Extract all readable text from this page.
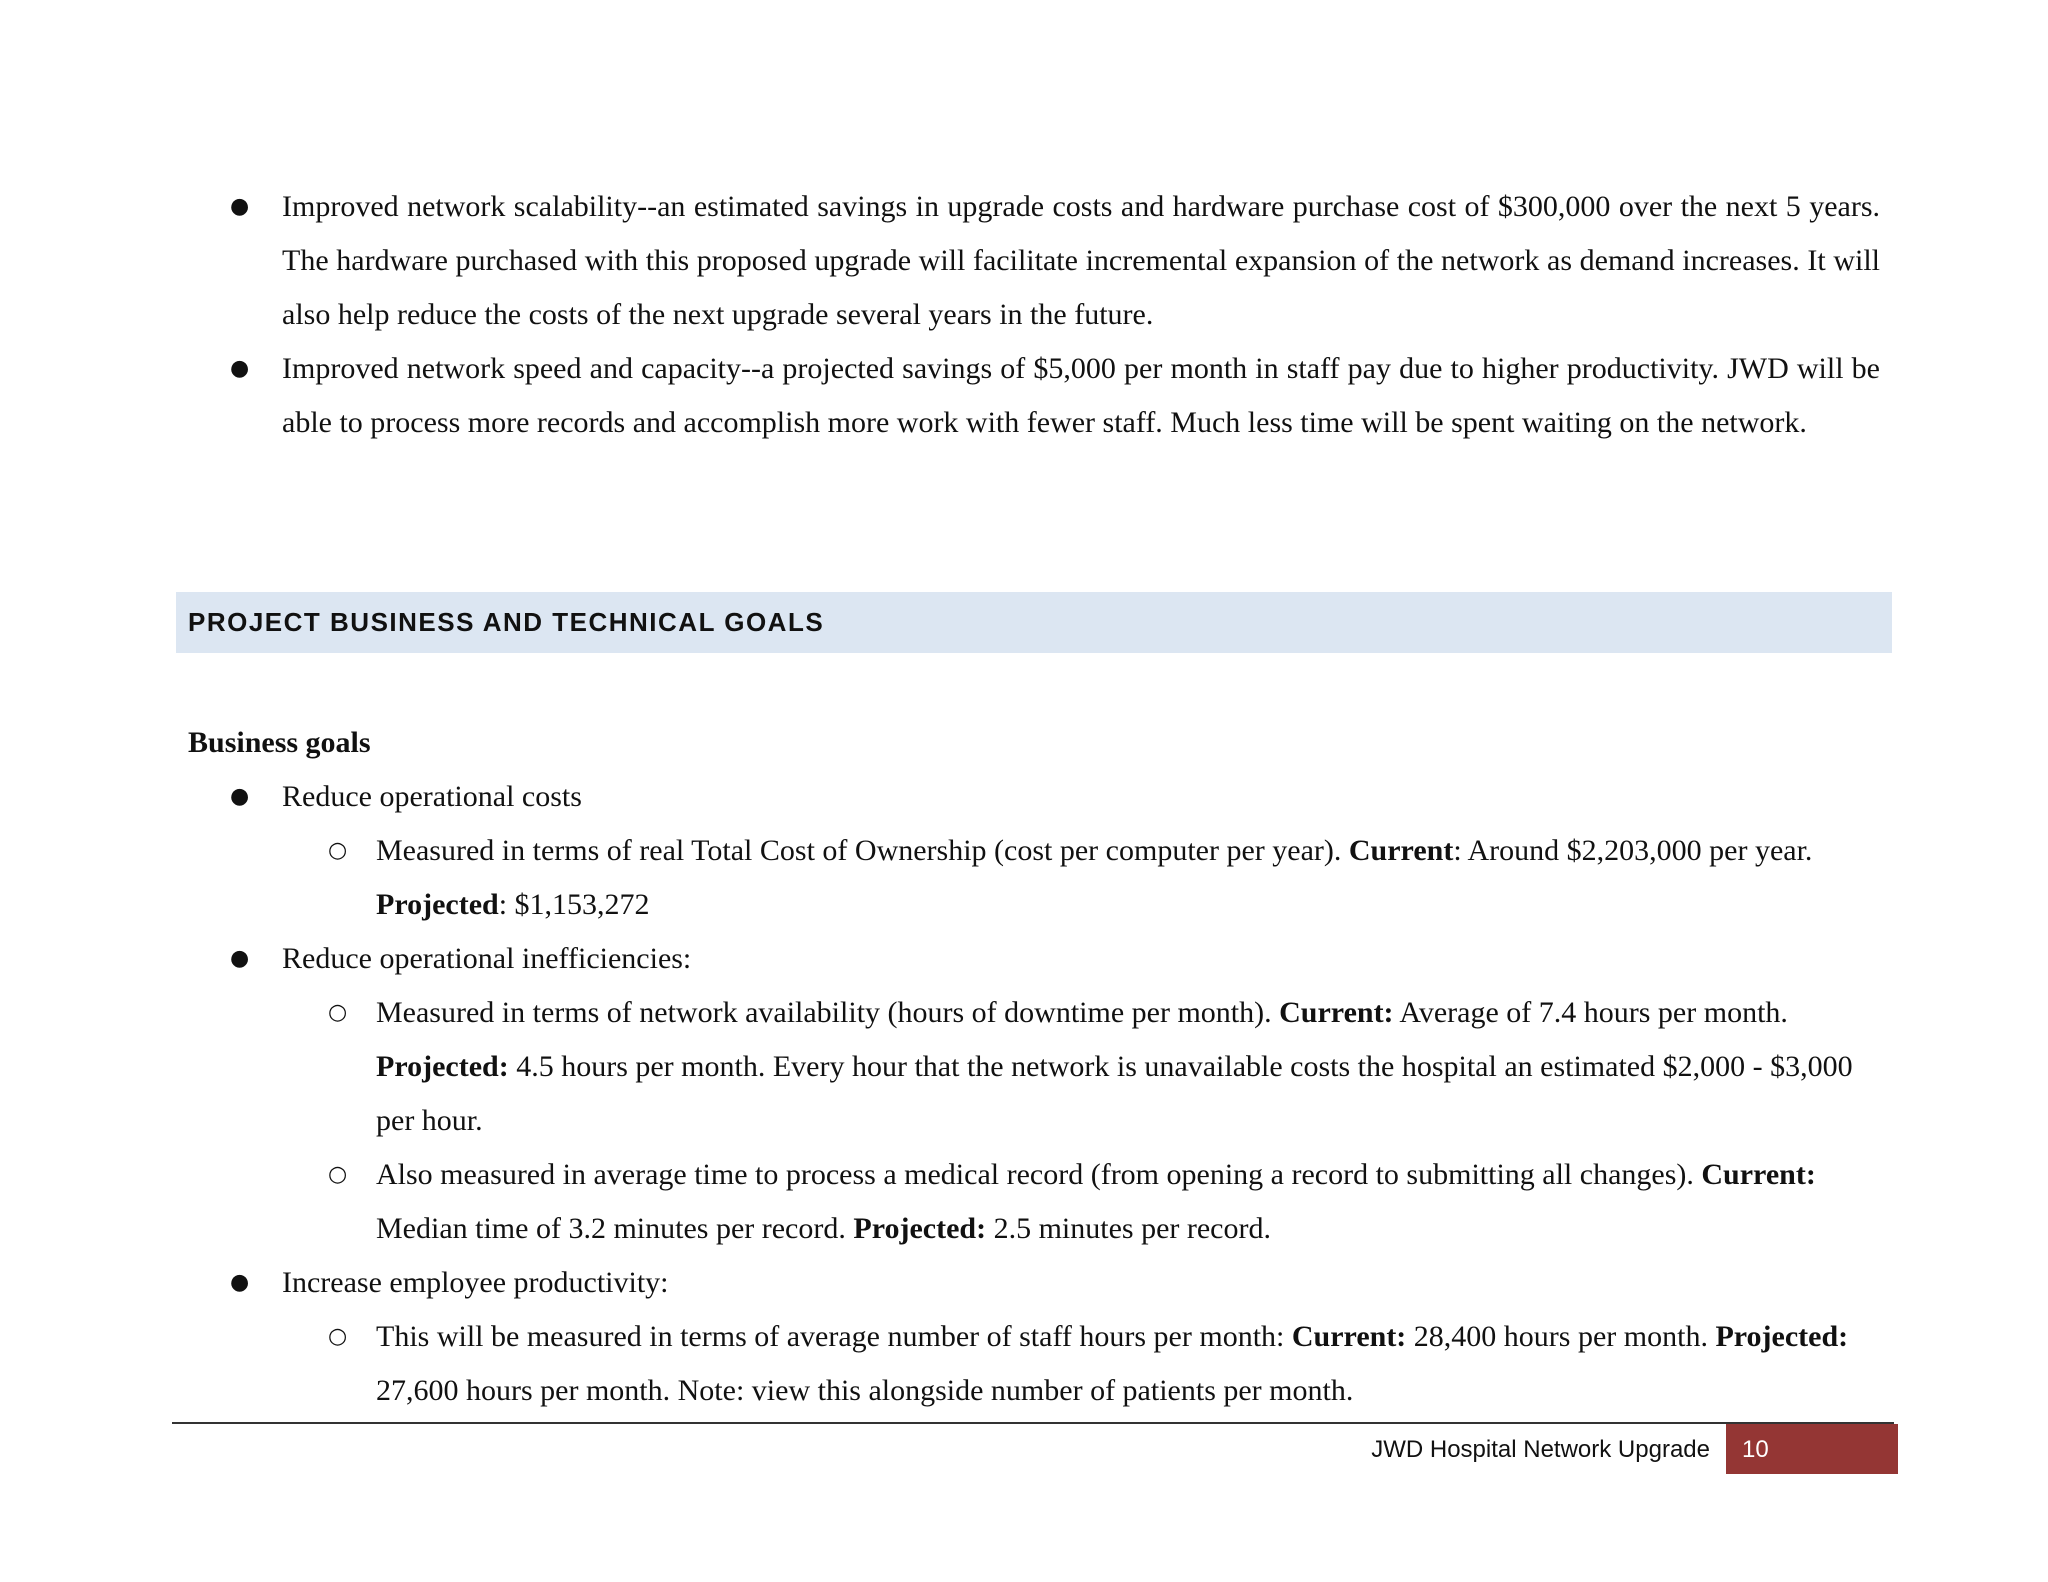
● Improved network scalability--an estimated savings in upgrade costs and hardware purchase cost of $300,000 over the next 5 years. The hardware purchased with this proposed upgrade will facilitate incremental expansion of the network as demand increases. It will also help reduce the costs of the next upgrade several years in the future.
● Improved network speed and capacity--a projected savings of $5,000 per month in staff pay due to higher productivity. JWD will be able to process more records and accomplish more work with fewer staff. Much less time will be spent waiting on the network.
PROJECT BUSINESS AND TECHNICAL GOALS
Business goals
● Reduce operational costs
○ Measured in terms of real Total Cost of Ownership (cost per computer per year). Current: Around $2,203,000 per year. Projected: $1,153,272
● Reduce operational inefficiencies:
○ Measured in terms of network availability (hours of downtime per month). Current: Average of 7.4 hours per month. Projected: 4.5 hours per month. Every hour that the network is unavailable costs the hospital an estimated $2,000 - $3,000 per hour.
○ Also measured in average time to process a medical record (from opening a record to submitting all changes). Current: Median time of 3.2 minutes per record. Projected: 2.5 minutes per record.
● Increase employee productivity:
○ This will be measured in terms of average number of staff hours per month: Current: 28,400 hours per month. Projected: 27,600 hours per month. Note: view this alongside number of patients per month.
JWD Hospital Network Upgrade 10
